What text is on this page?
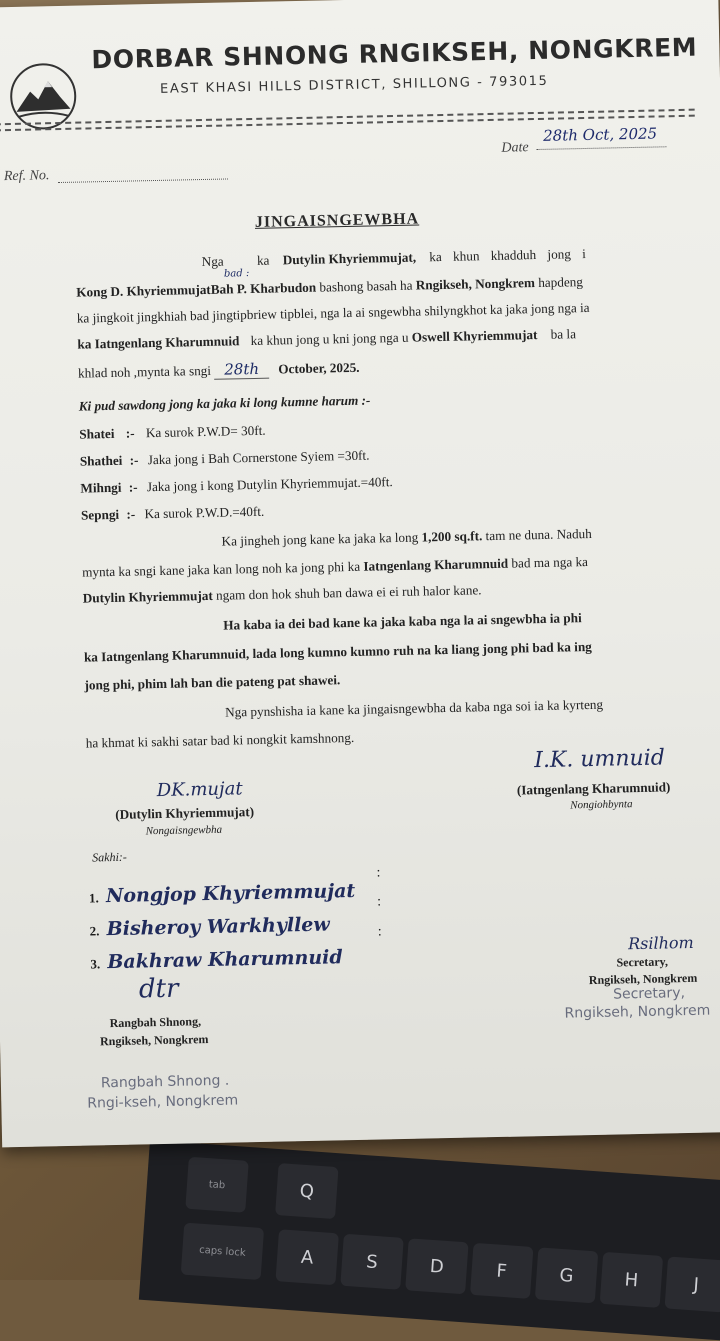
tab	Q
caps lock	A	S	D	F	G	H	J
DORBAR SHNONG RNGIKSEH, NONGKREM
EAST KHASI HILLS DISTRICT, SHILLONG - 793015
Ref. No.
Date
28th Oct, 2025
JINGAISNGEWBHA
Nga ka Dutylin Khyriemmujat, ka khun khadduh jong i
bad :
Kong D. KhyriemmujatBah P. Kharbudon bashong basah ha Rngikseh, Nongkrem hapdeng
ka jingkoit jingkhiah bad jingtipbriew tipblei, nga la ai sngewbha shilyngkhot ka jaka jong nga ia
ka Iatngenlang Kharumnuid ka khun jong u kni jong nga u Oswell Khyriemmujat ba la
khlad noh ,mynta ka sngi 28th October, 2025.
Ki pud sawdong jong ka jaka ki long kumne harum :-
Shatei :- Ka surok P.W.D= 30ft.
Shathei :- Jaka jong i Bah Cornerstone Syiem =30ft.
Mihngi :- Jaka jong i kong Dutylin Khyriemmujat.=40ft.
Sepngi :- Ka surok P.W.D.=40ft.
Ka jingheh jong kane ka jaka ka long 1,200 sq.ft. tam ne duna. Naduh
mynta ka sngi kane jaka kan long noh ka jong phi ka Iatngenlang Kharumnuid bad ma nga ka
Dutylin Khyriemmujat ngam don hok shuh ban dawa ei ei ruh halor kane.
Ha kaba ia dei bad kane ka jaka kaba nga la ai sngewbha ia phi
ka Iatngenlang Kharumnuid, lada long kumno kumno ruh na ka liang jong phi bad ka ing
jong phi, phim lah ban die pateng pat shawei.
Nga pynshisha ia kane ka jingaisngewbha da kaba nga soi ia ka kyrteng
ha khmat ki sakhi satar bad ki nongkit kamshnong.
I.K. umnuid
(Iatngenlang Kharumnuid)
Nongiohbynta
DK.mujat
(Dutylin Khyriemmujat)
Nongaisngewbha
Sakhi:-
1. Nongjop Khyriemmujat
:
2. Bisheroy Warkhyllew
:
3. Bakhraw Kharumnuid
:
dtr
Rangbah Shnong,
Rngikseh, Nongkrem
Rangbah Shnong .
Rngi-kseh, Nongkrem
Rsilhom
Secretary,
Rngikseh, Nongkrem
Secretary,
Rngikseh, Nongkrem
